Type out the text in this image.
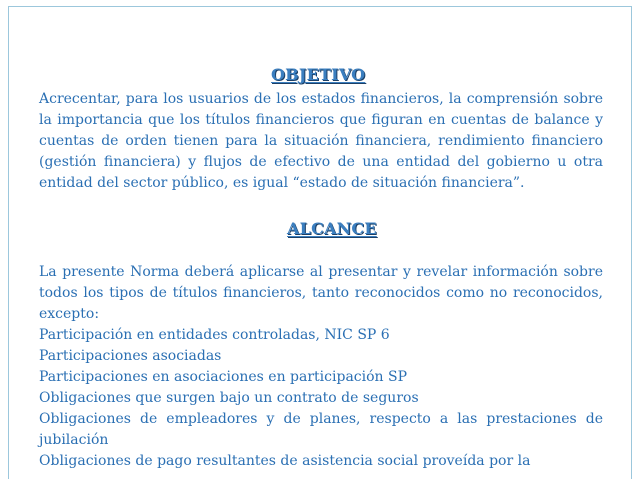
OBJETIVO
Acrecentar, para los usuarios de los estados financieros, la comprensión sobre la importancia que los títulos financieros que figuran en cuentas de balance y cuentas de orden tienen para la situación financiera, rendimiento financiero (gestión financiera) y flujos de efectivo de una entidad del gobierno u otra entidad del sector público, es igual “estado de situación financiera”.
ALCANCE
La presente Norma deberá aplicarse al presentar y revelar información sobre todos los tipos de títulos financieros, tanto reconocidos como no reconocidos, excepto:
Participación en entidades controladas, NIC SP 6
Participaciones asociadas
Participaciones en asociaciones en participación SP
Obligaciones que surgen bajo un contrato de seguros
Obligaciones de empleadores y de planes, respecto a las prestaciones de jubilación
Obligaciones de pago resultantes de asistencia social proveída por la
